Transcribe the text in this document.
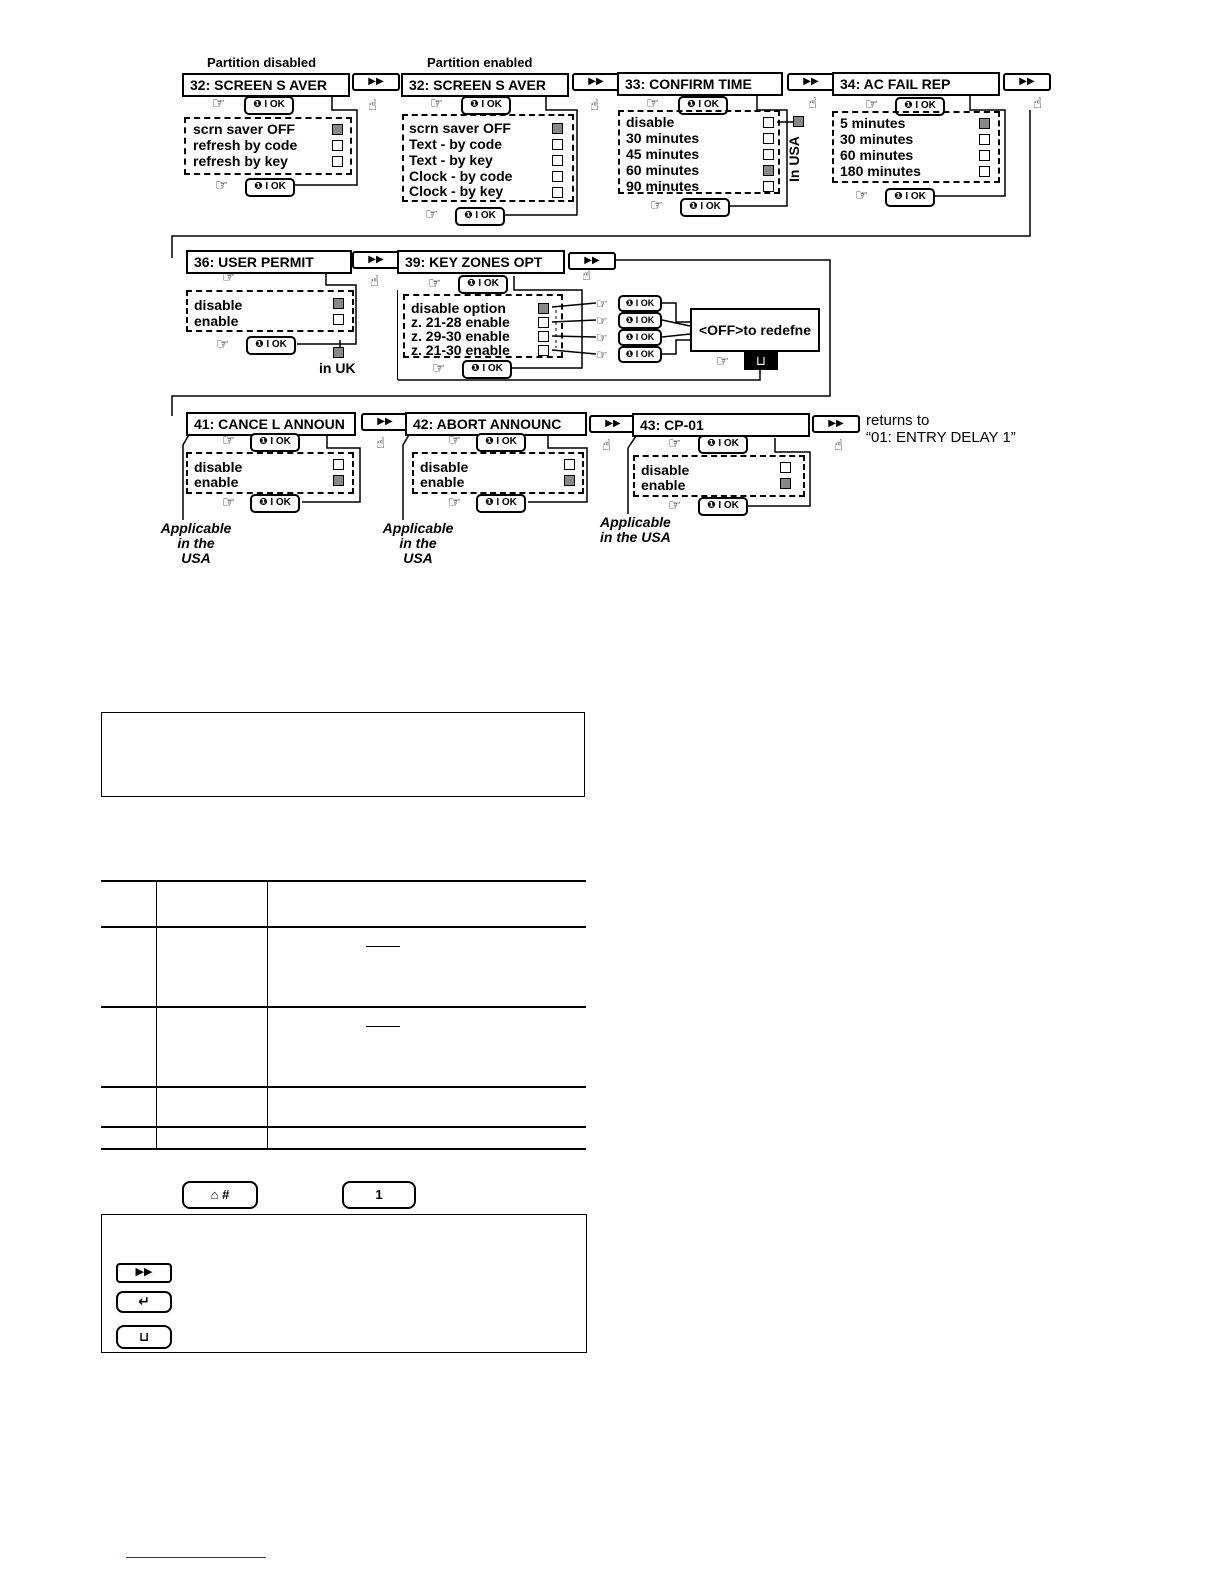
Partition disabled	Partition enabled
32: SCREEN S AVER	▶▶
☝
☞	❶ I OK
scrn saver OFF
refresh by code
refresh by key
☞	❶ I OK
32: SCREEN S AVER	▶▶
☝
☞	❶ I OK
scrn saver OFF
Text - by code
Text - by key
Clock - by code
Clock - by key
☞	❶ I OK
33: CONFIRM TIME	▶▶
☝
☞	❶ I OK
disable
30 minutes
45 minutes
60 minutes
90 minutes
In USA
☞	❶ I OK
34: AC FAIL REP	▶▶
☝
☞	❶ I OK
5 minutes
30 minutes
60 minutes
180 minutes
☞	❶ I OK
36: USER PERMIT	▶▶
☝
☞
disable
enable
☞	❶ I OK
in UK
39: KEY ZONES OPT	▶▶
☝
☞	❶ I OK
disable option
z. 21-28 enable
z. 29-30 enable
z. 21-30 enable
☞	❶ I OK
☞	❶ I OK
☞	❶ I OK
☞	❶ I OK
☞	❶ I OK
<OFF>to redefne
☞	⊔
41: CANCE L ANNOUN	▶▶
☝
☞	❶ I OK
disable
enable
☞	❶ I OK
42: ABORT ANNOUNC	▶▶
☝
☞	❶ I OK
disable
enable
☞	❶ I OK
43: CP-01	▶▶
☝
☞	❶ I OK
disable
enable
☞	❶ I OK
returns to
“01: ENTRY DELAY 1”
Applicable
in the
USA
Applicable
in the
USA
Applicable
in the USA
⌂ #	1
▶▶
↵
⊔
